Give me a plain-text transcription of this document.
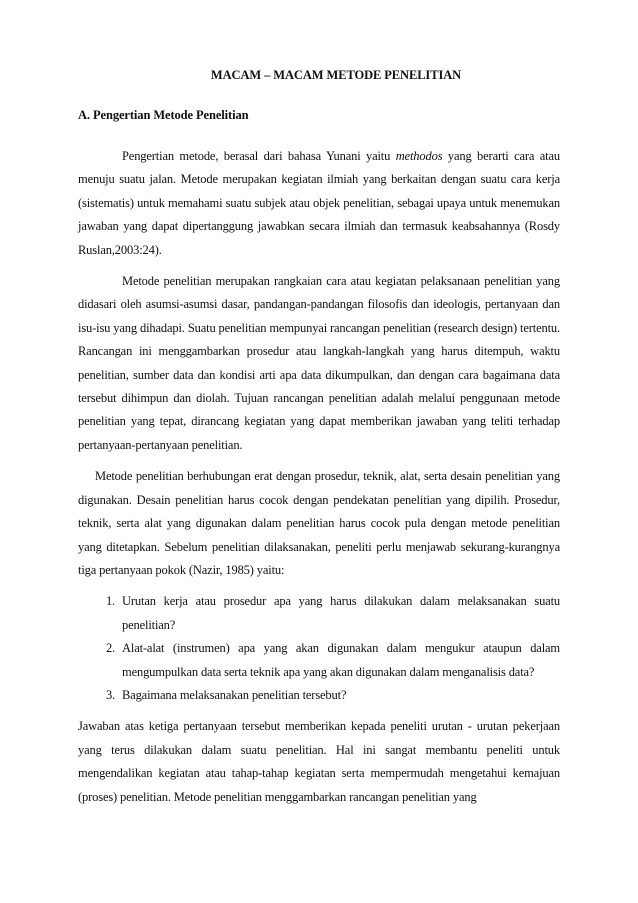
MACAM – MACAM METODE PENELITIAN
A. Pengertian Metode Penelitian

Pengertian metode, berasal dari bahasa Yunani yaitu methodos yang berarti cara atau menuju suatu jalan. Metode merupakan kegiatan ilmiah yang berkaitan dengan suatu cara kerja (sistematis) untuk memahami suatu subjek atau objek penelitian, sebagai upaya untuk menemukan jawaban yang dapat dipertanggung jawabkan secara ilmiah dan termasuk keabsahannya (Rosdy Ruslan,2003:24).

Metode penelitian merupakan rangkaian cara atau kegiatan pelaksanaan penelitian yang didasari oleh asumsi-asumsi dasar, pandangan-pandangan filosofis dan ideologis, pertanyaan dan isu-isu yang dihadapi. Suatu penelitian mempunyai rancangan penelitian (research design) tertentu. Rancangan ini menggambarkan prosedur atau langkah-langkah yang harus ditempuh, waktu penelitian, sumber data dan kondisi arti apa data dikumpulkan, dan dengan cara bagaimana data tersebut dihimpun dan diolah. Tujuan rancangan penelitian adalah melalui penggunaan metode penelitian yang tepat, dirancang kegiatan yang dapat memberikan jawaban yang teliti terhadap pertanyaan-pertanyaan penelitian.

Metode penelitian berhubungan erat dengan prosedur, teknik, alat, serta desain penelitian yang digunakan. Desain penelitian harus cocok dengan pendekatan penelitian yang dipilih. Prosedur, teknik, serta alat yang digunakan dalam penelitian harus cocok pula dengan metode penelitian yang ditetapkan. Sebelum penelitian dilaksanakan, peneliti perlu menjawab sekurang-kurangnya tiga pertanyaan pokok (Nazir, 1985) yaitu:

1. Urutan kerja atau prosedur apa yang harus dilakukan dalam melaksanakan suatu penelitian?
2. Alat-alat (instrumen) apa yang akan digunakan dalam mengukur ataupun dalam mengumpulkan data serta teknik apa yang akan digunakan dalam menganalisis data?
3. Bagaimana melaksanakan penelitian tersebut?

Jawaban atas ketiga pertanyaan tersebut memberikan kepada peneliti urutan - urutan pekerjaan yang terus dilakukan dalam suatu penelitian. Hal ini sangat membantu peneliti untuk mengendalikan kegiatan atau tahap-tahap kegiatan serta mempermudah mengetahui kemajuan (proses) penelitian. Metode penelitian menggambarkan rancangan penelitian yang
